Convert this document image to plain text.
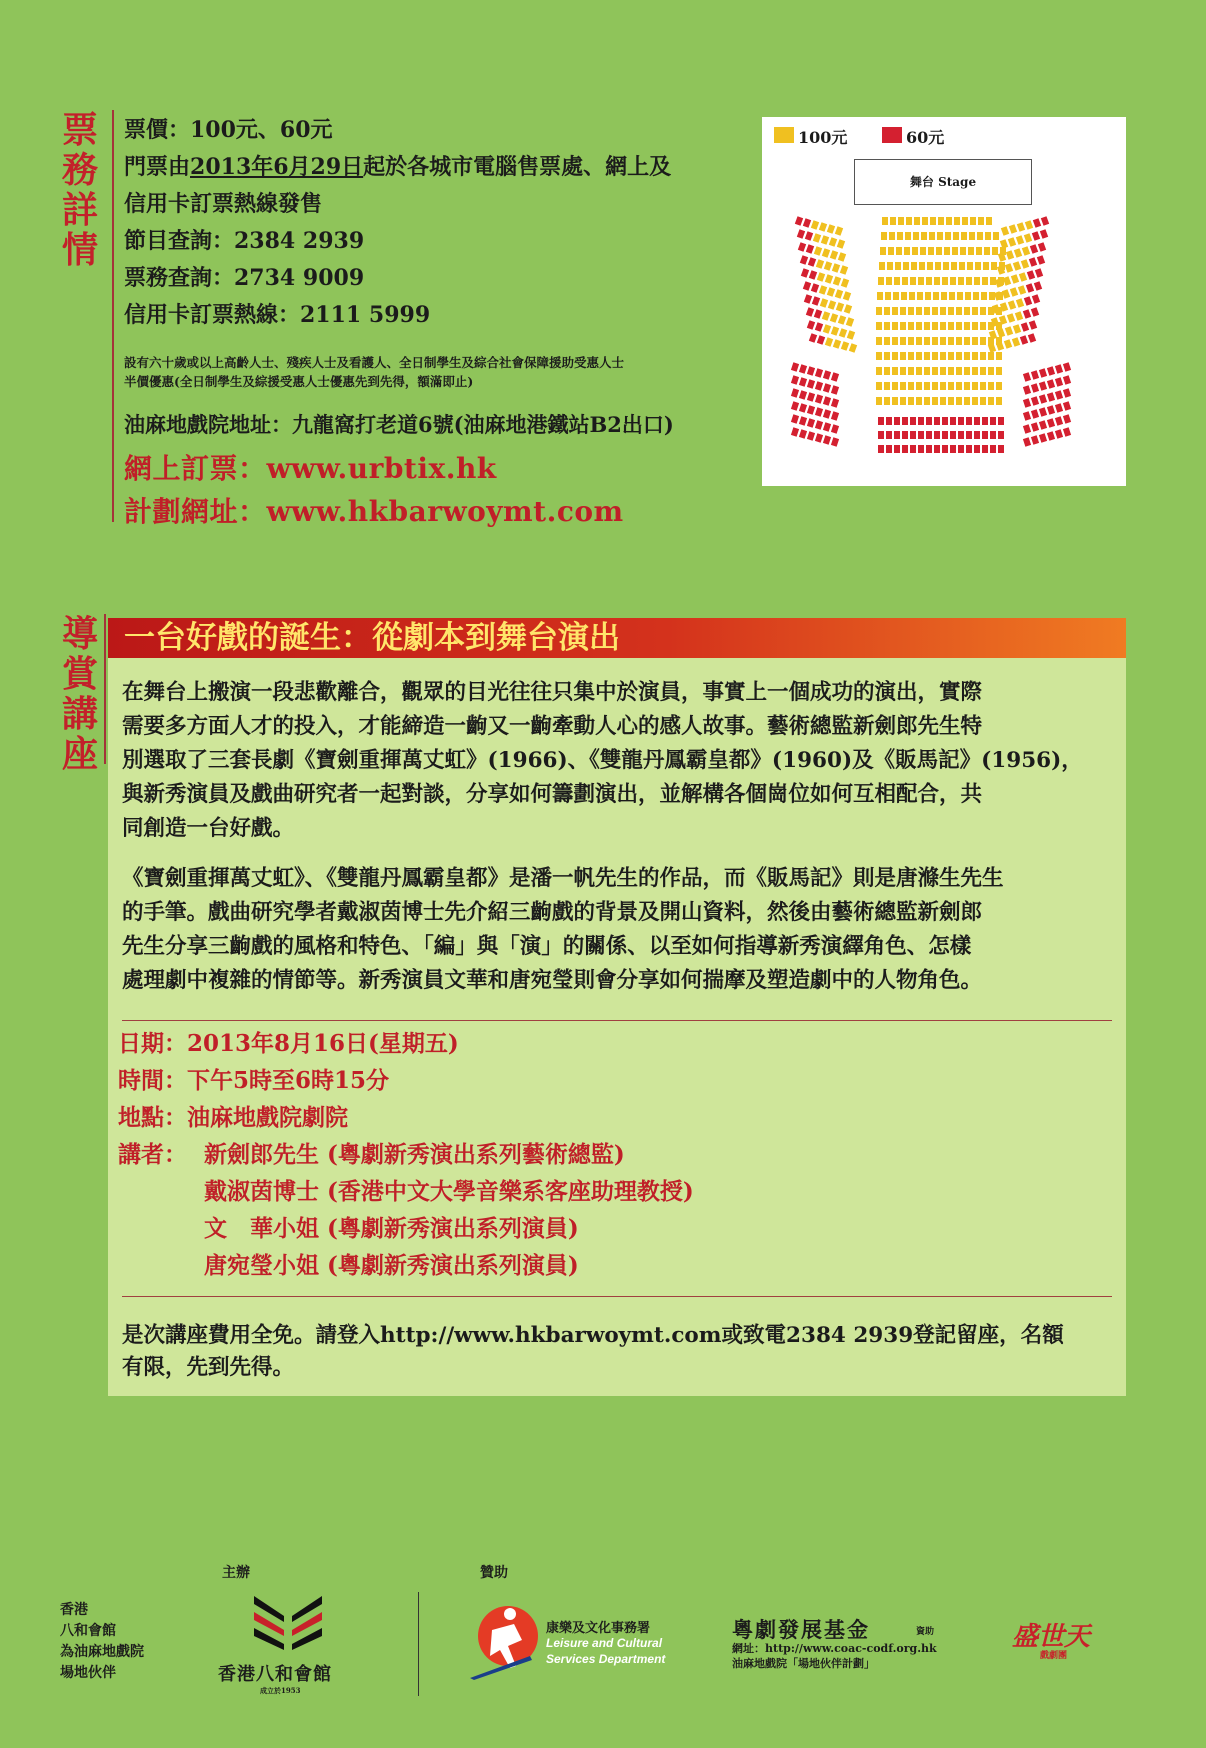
票
務
詳
情
票價：100元、60元
門票由2013年6月29日起於各城市電腦售票處、網上及
信用卡訂票熱線發售
節目查詢：2384 2939
票務查詢：2734 9009
信用卡訂票熱線：2111 5999
設有六十歲或以上高齡人士、殘疾人士及看護人、全日制學生及綜合社會保障援助受惠人士
半價優惠(全日制學生及綜援受惠人士優惠先到先得，額滿即止)
油麻地戲院地址：九龍窩打老道6號(油麻地港鐵站B2出口)
網上訂票：www.urbtix.hk
計劃網址：www.hkbarwoymt.com
100元	60元
舞台 Stage
導
賞
講
座
一台好戲的誕生：從劇本到舞台演出
在舞台上搬演一段悲歡離合，觀眾的目光往往只集中於演員，事實上一個成功的演出，實際
需要多方面人才的投入，才能締造一齣又一齣牽動人心的感人故事。藝術總監新劍郎先生特
別選取了三套長劇《寶劍重揮萬丈虹》(1966)、《雙龍丹鳳霸皇都》(1960)及《販馬記》(1956)，
與新秀演員及戲曲研究者一起對談，分享如何籌劃演出，並解構各個崗位如何互相配合，共
同創造一台好戲。
《寶劍重揮萬丈虹》、《雙龍丹鳳霸皇都》是潘一帆先生的作品，而《販馬記》則是唐滌生先生
的手筆。戲曲研究學者戴淑茵博士先介紹三齣戲的背景及開山資料，然後由藝術總監新劍郎
先生分享三齣戲的風格和特色、「編」與「演」的關係、以至如何指導新秀演繹角色、怎樣
處理劇中複雜的情節等。新秀演員文華和唐宛瑩則會分享如何揣摩及塑造劇中的人物角色。
日期：2013年8月16日(星期五)
時間：下午5時至6時15分
地點：油麻地戲院劇院
講者： 新劍郎先生 (粵劇新秀演出系列藝術總監)
戴淑茵博士 (香港中文大學音樂系客座助理教授)
文　華小姐 (粵劇新秀演出系列演員)
唐宛瑩小姐 (粵劇新秀演出系列演員)
是次講座費用全免。請登入http://www.hkbarwoymt.com或致電2384 2939登記留座，名額
有限，先到先得。
香港
八和會館
為油麻地戲院
場地伙伴
主辦
香港八和會館
成立於1953
贊助
康樂及文化事務署
Leisure and Cultural
Services Department
粵劇發展基金	資助
網址：http://www.coac-codf.org.hk
油麻地戲院「場地伙伴計劃」
盛世天
戲劇團
